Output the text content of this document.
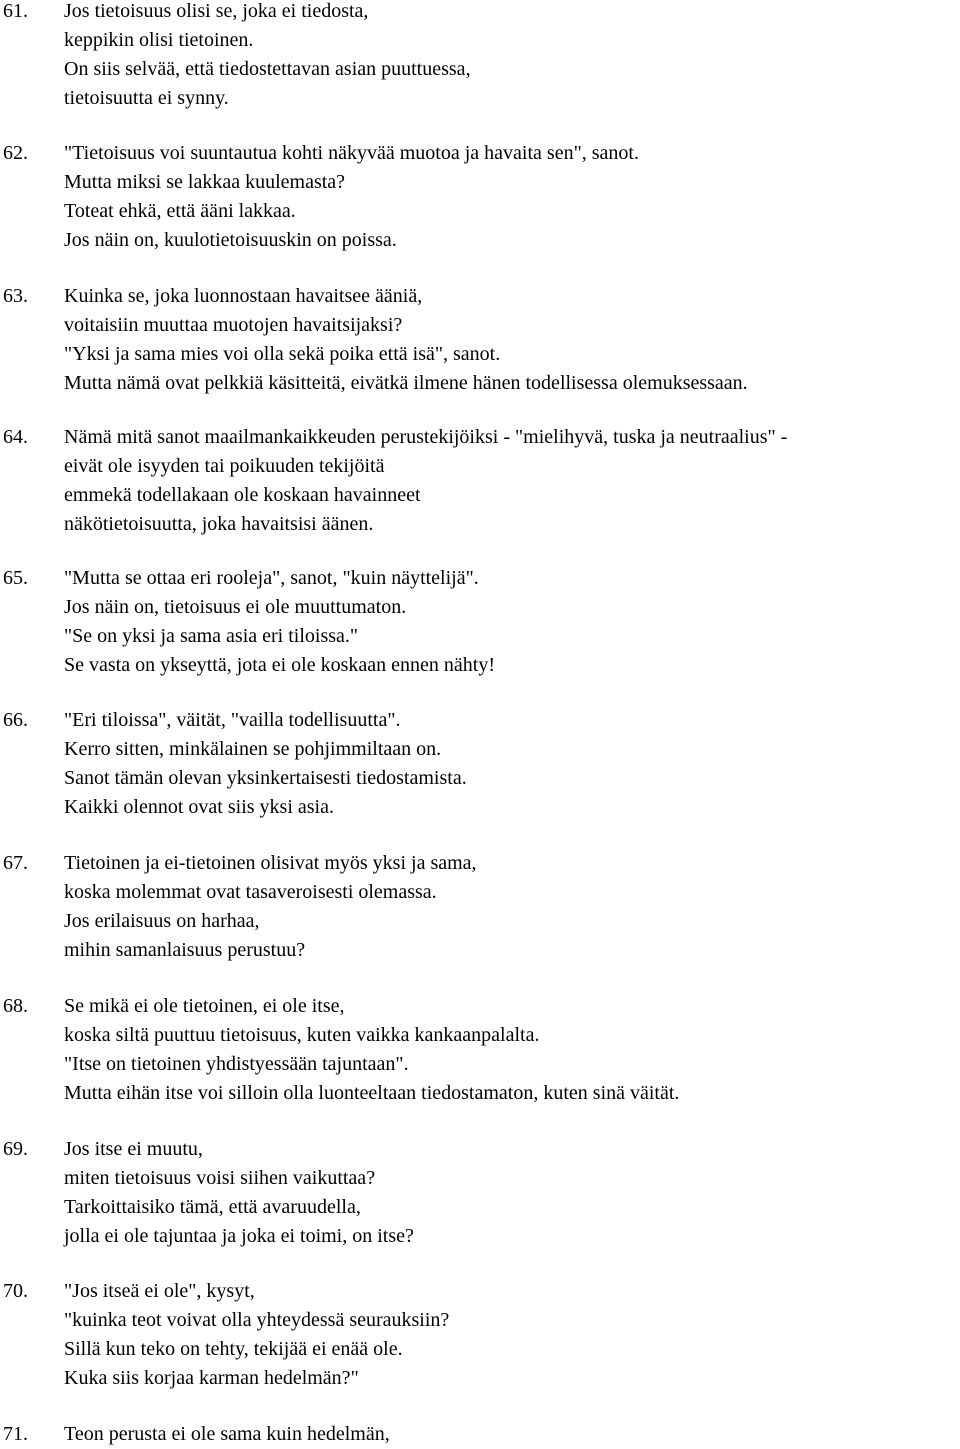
61. Jos tietoisuus olisi se, joka ei tiedosta,
keppikin olisi tietoinen.
On siis selvää, että tiedostettavan asian puuttuessa,
tietoisuutta ei synny.
62. "Tietoisuus voi suuntautua kohti näkyvää muotoa ja havaita sen", sanot.
Mutta miksi se lakkaa kuulemasta?
Toteat ehkä, että ääni lakkaa.
Jos näin on, kuulotietoisuuskin on poissa.
63. Kuinka se, joka luonnostaan havaitsee ääniä,
voitaisiin muuttaa muotojen havaitsijaksi?
"Yksi ja sama mies voi olla sekä poika että isä", sanot.
Mutta nämä ovat pelkkiä käsitteitä, eivätkä ilmene hänen todellisessa olemuksessaan.
64. Nämä mitä sanot maailmankaikkeuden perustekijöiksi - "mielihyvä, tuska ja neutraalius" -
eivät ole isyyden tai poikuuden tekijöitä
emmekä todellakaan ole koskaan havainneet
näkötietoisuutta, joka havaitsisi äänen.
65. "Mutta se ottaa eri rooleja", sanot, "kuin näyttelijä".
Jos näin on, tietoisuus ei ole muuttumaton.
"Se on yksi ja sama asia eri tiloissa."
Se vasta on ykseyttä, jota ei ole koskaan ennen nähty!
66. "Eri tiloissa", väität, "vailla todellisuutta".
Kerro sitten, minkälainen se pohjimmiltaan on.
Sanot tämän olevan yksinkertaisesti tiedostamista.
Kaikki olennot ovat siis yksi asia.
67. Tietoinen ja ei-tietoinen olisivat myös yksi ja sama,
koska molemmat ovat tasaveroisesti olemassa.
Jos erilaisuus on harhaa,
mihin samanlaisuus perustuu?
68. Se mikä ei ole tietoinen, ei ole itse,
koska siltä puuttuu tietoisuus, kuten vaikka kankaanpalalta.
"Itse on tietoinen yhdistyessään tajuntaan".
Mutta eihän itse voi silloin olla luonteeltaan tiedostamaton, kuten sinä väität.
69. Jos itse ei muutu,
miten tietoisuus voisi siihen vaikuttaa?
Tarkoittaisiko tämä, että avaruudella,
jolla ei ole tajuntaa ja joka ei toimi, on itse?
70. "Jos itseä ei ole", kysyt,
"kuinka teot voivat olla yhteydessä seurauksiin?
Sillä kun teko on tehty, tekijää ei enää ole.
Kuka siis korjaa karman hedelmän?"
71. Teon perusta ei ole sama kuin hedelmän,
